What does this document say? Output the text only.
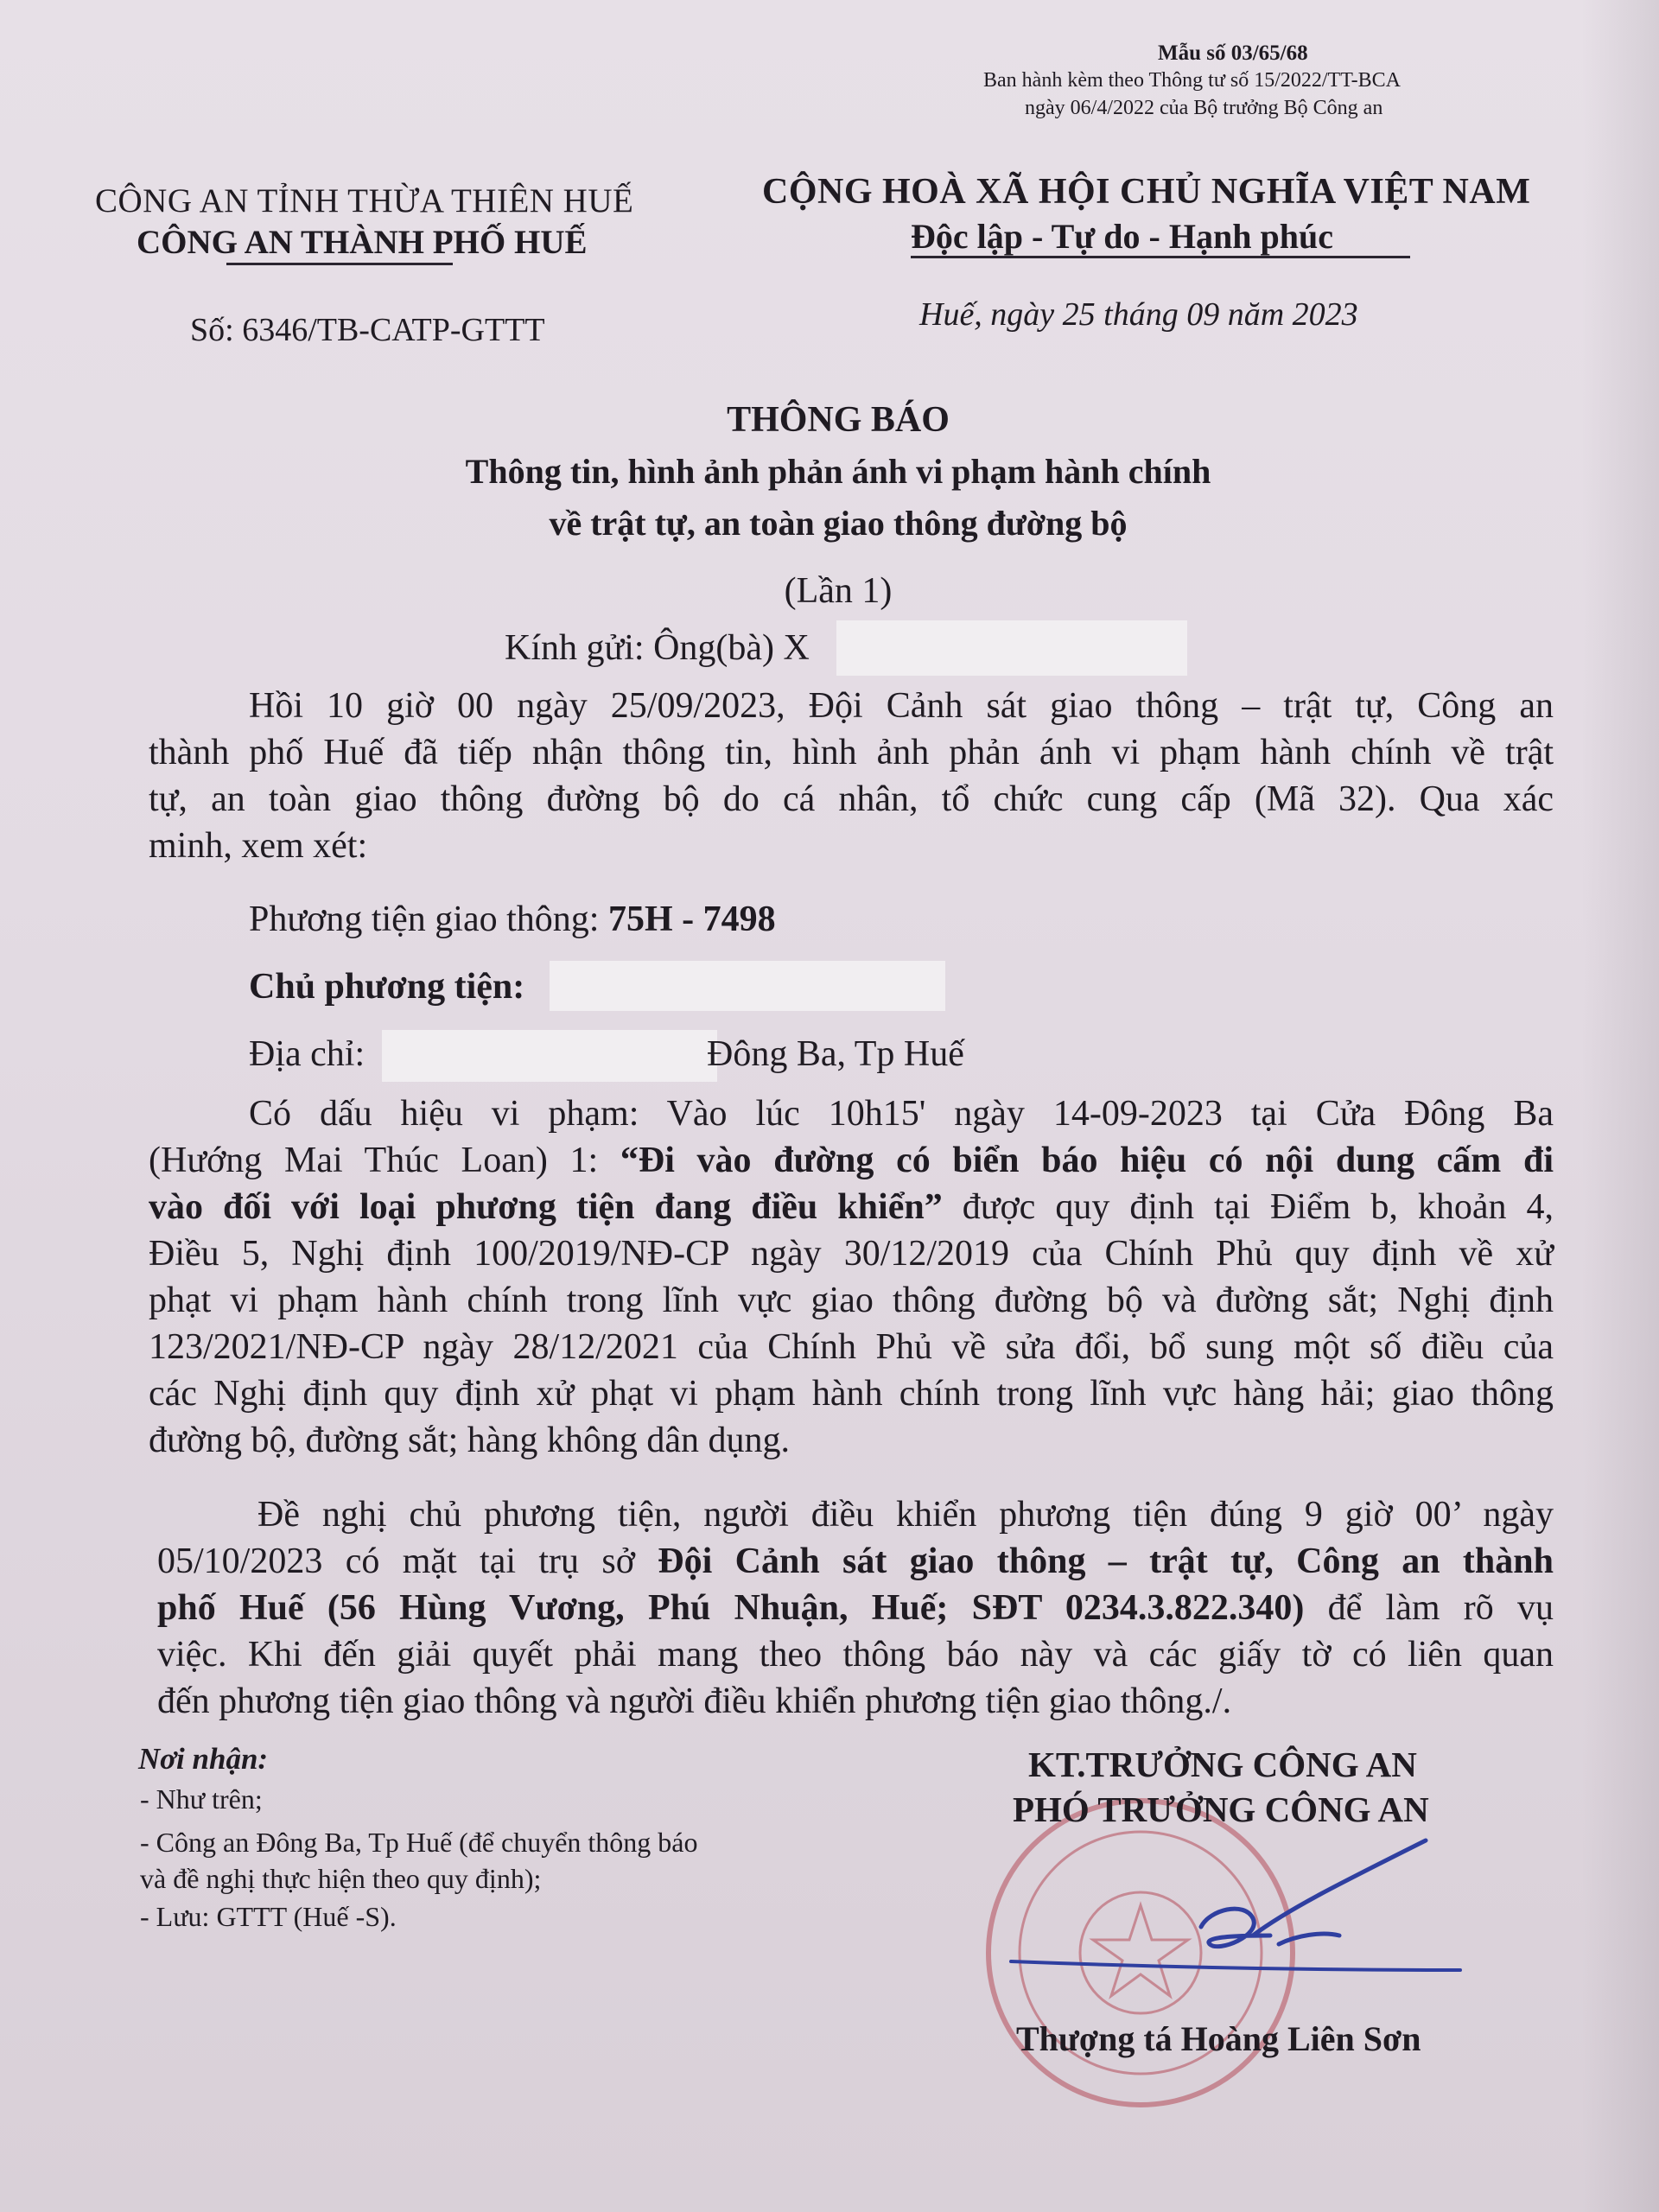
Mẫu số 03/65/68
Ban hành kèm theo Thông tư số 15/2022/TT-BCA
ngày 06/4/2022 của Bộ trưởng Bộ Công an
CÔNG AN TỈNH THỪA THIÊN HUẾ
CÔNG AN THÀNH PHỐ HUẾ
Số: 6346/TB-CATP-GTTT
CỘNG HOÀ XÃ HỘI CHỦ NGHĨA VIỆT NAM
Độc lập - Tự do - Hạnh phúc
Huế, ngày 25 tháng 09 năm 2023
THÔNG BÁO
Thông tin, hình ảnh phản ánh vi phạm hành chính
về trật tự, an toàn giao thông đường bộ
(Lần 1)
Kính gửi: Ông(bà) X
Hồi 10 giờ 00 ngày 25/09/2023, Đội Cảnh sát giao thông – trật tự, Công an
thành phố Huế đã tiếp nhận thông tin, hình ảnh phản ánh vi phạm hành chính về trật
tự, an toàn giao thông đường bộ do cá nhân, tổ chức cung cấp (Mã 32). Qua xác
minh, xem xét:
Phương tiện giao thông: 75H - 7498
Chủ phương tiện:
Địa chỉ:	Đông Ba, Tp Huế
Có dấu hiệu vi phạm: Vào lúc 10h15' ngày 14-09-2023 tại Cửa Đông Ba
(Hướng Mai Thúc Loan) 1: “Đi vào đường có biển báo hiệu có nội dung cấm đi
vào đối với loại phương tiện đang điều khiển” được quy định tại Điểm b, khoản 4,
Điều 5, Nghị định 100/2019/NĐ-CP ngày 30/12/2019 của Chính Phủ quy định về xử
phạt vi phạm hành chính trong lĩnh vực giao thông đường bộ và đường sắt; Nghị định
123/2021/NĐ-CP ngày 28/12/2021 của Chính Phủ về sửa đổi, bổ sung một số điều của
các Nghị định quy định xử phạt vi phạm hành chính trong lĩnh vực hàng hải; giao thông
đường bộ, đường sắt; hàng không dân dụng.
Đề nghị chủ phương tiện, người điều khiển phương tiện đúng 9 giờ 00’ ngày
05/10/2023 có mặt tại trụ sở Đội Cảnh sát giao thông – trật tự, Công an thành
phố Huế (56 Hùng Vương, Phú Nhuận, Huế; SĐT 0234.3.822.340) để làm rõ vụ
việc. Khi đến giải quyết phải mang theo thông báo này và các giấy tờ có liên quan
đến phương tiện giao thông và người điều khiển phương tiện giao thông./.
Nơi nhận:
- Như trên;
- Công an Đông Ba, Tp Huế (để chuyển thông báo
và đề nghị thực hiện theo quy định);
- Lưu: GTTT (Huế -S).
KT.TRƯỞNG CÔNG AN
PHÓ TRƯỞNG CÔNG AN
Thượng tá Hoàng Liên Sơn
